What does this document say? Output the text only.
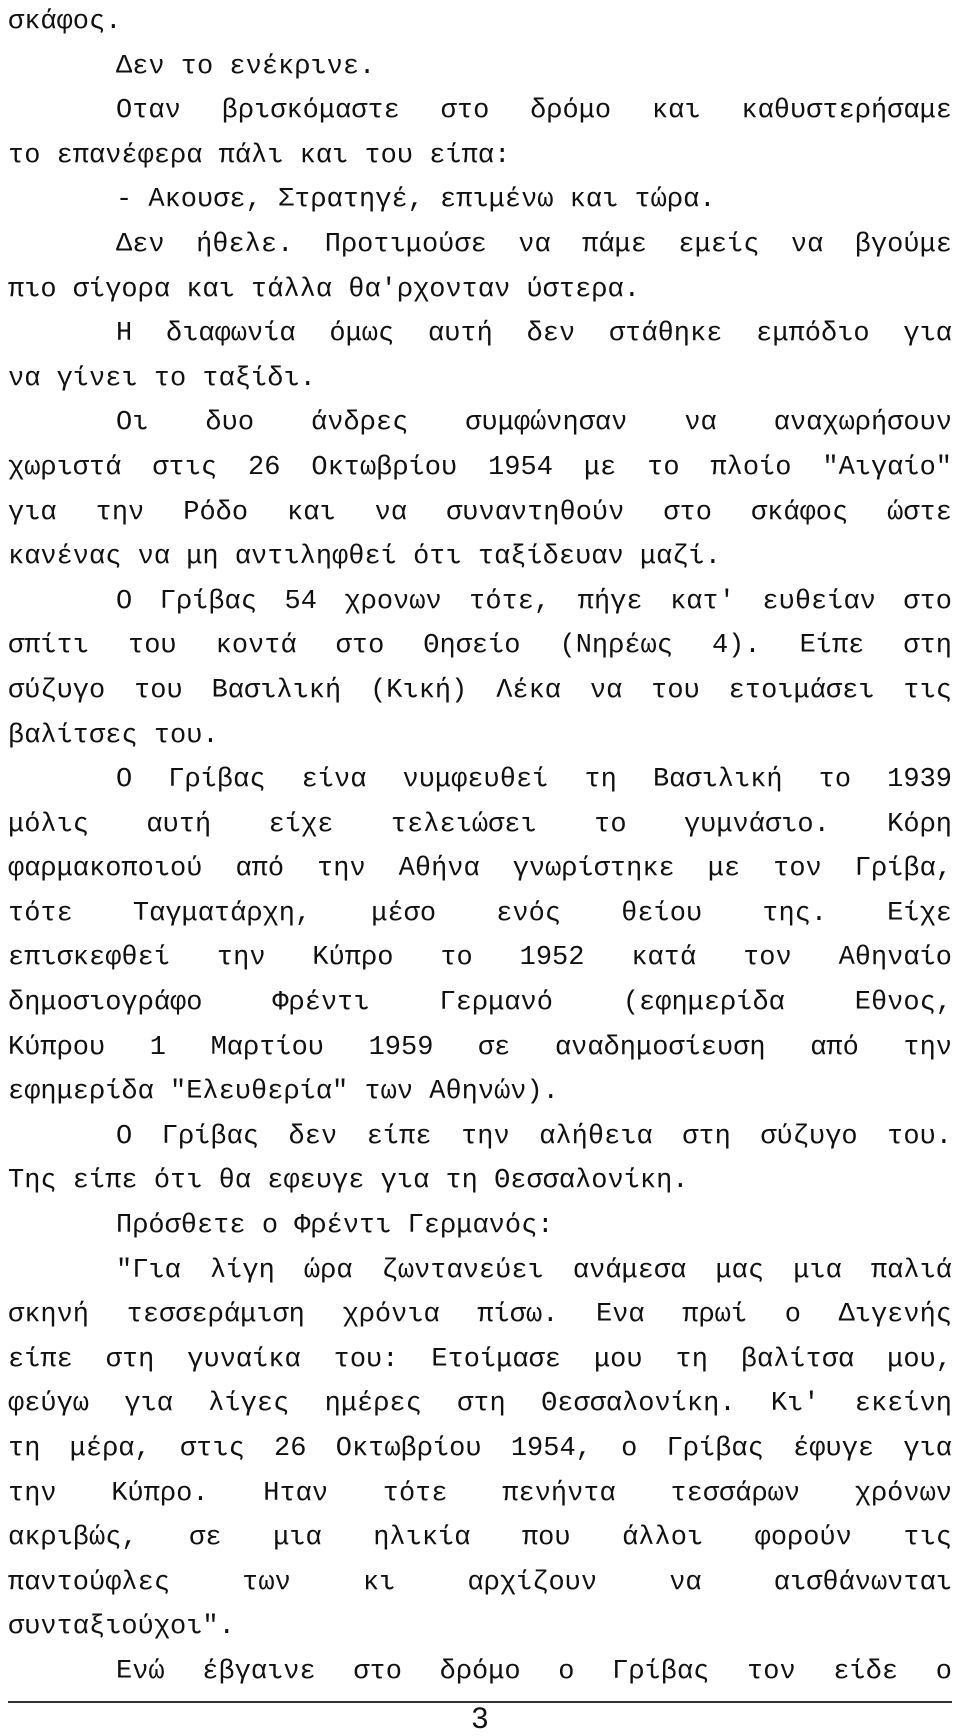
σκάφος.
Δεν το ενέκρινε.
Οταν βρισκόμαστε στο δρόμο και καθυστερήσαμε
το επανέφερα πάλι και του είπα:
- Ακουσε, Στρατηγέ, επιμένω και τώρα.
Δεν ήθελε. Προτιμούσε να πάμε εμείς να βγούμε
πιο σίγορα και τάλλα θα'ρχονταν ύστερα.
Η διαφωνία όμως αυτή δεν στάθηκε εμπόδιο για
να γίνει το ταξίδι.
Οι δυο άνδρες συμφώνησαν να αναχωρήσουν
χωριστά στις 26 Οκτωβρίου 1954 με το πλοίο "Αιγαίο"
για την Ρόδο και να συναντηθούν στο σκάφος ώστε
κανένας να μη αντιληφθεί ότι ταξίδευαν μαζί.
Ο Γρίβας 54 χρονων τότε, πήγε κατ' ευθείαν στο
σπίτι του κοντά στο Θησείο (Νηρέως 4). Είπε στη
σύζυγο του Βασιλική (Κική) Λέκα να του ετοιμάσει τις
βαλίτσες του.
Ο Γρίβας είνα νυμφευθεί τη Βασιλική το 1939
μόλις αυτή είχε τελειώσει το γυμνάσιο. Κόρη
φαρμακοποιού από την Αθήνα γνωρίστηκε με τον Γρίβα,
τότε Ταγματάρχη, μέσο ενός θείου της. Είχε
επισκεφθεί την Κύπρο το 1952 κατά τον Αθηναίο
δημοσιογράφο Φρέντι Γερμανό (εφημερίδα Εθνος,
Κύπρου 1 Μαρτίου 1959 σε αναδημοσίευση από την
εφημερίδα "Ελευθερία" των Αθηνών).
Ο Γρίβας δεν είπε την αλήθεια στη σύζυγο του.
Της είπε ότι θα εφευγε για τη Θεσσαλονίκη.
Πρόσθετε ο Φρέντι Γερμανός:
"Για λίγη ώρα ζωντανεύει ανάμεσα μας μια παλιά
σκηνή τεσσεράμιση χρόνια πίσω. Ενα πρωί ο Διγενής
είπε στη γυναίκα του: Ετοίμασε μου τη βαλίτσα μου,
φεύγω για λίγες ημέρες στη Θεσσαλονίκη. Κι' εκείνη
τη μέρα, στις 26 Οκτωβρίου 1954, ο Γρίβας έφυγε για
την Κύπρο. Ηταν τότε πενήντα τεσσάρων χρόνων
ακριβώς, σε μια ηλικία που άλλοι φορούν τις
παντούφλες των κι αρχίζουν να αισθάνωνται
συνταξιούχοι".
Ενώ έβγαινε στο δρόμο ο Γρίβας τον είδε ο
3
